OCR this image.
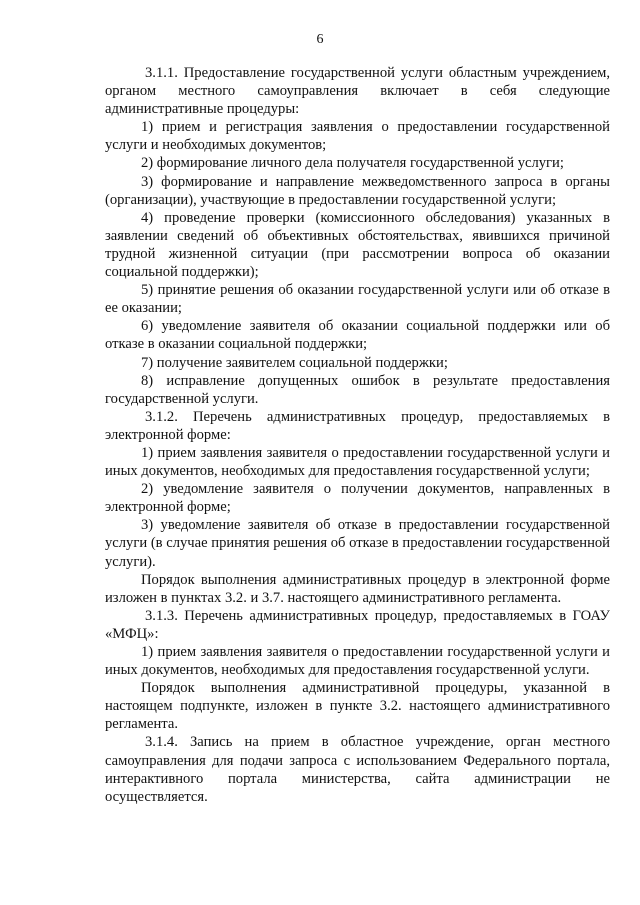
6

3.1.1. Предоставление государственной услуги областным учреждением, органом местного самоуправления включает в себя следующие административные процедуры:

1) прием и регистрация заявления о предоставлении государственной услуги и необходимых документов;

2) формирование личного дела получателя государственной услуги;

3) формирование и направление межведомственного запроса в органы (организации), участвующие в предоставлении государственной услуги;

4) проведение проверки (комиссионного обследования) указанных в заявлении сведений об объективных обстоятельствах, явившихся причиной трудной жизненной ситуации (при рассмотрении вопроса об оказании социальной поддержки);

5) принятие решения об оказании государственной услуги или об отказе в ее оказании;

6) уведомление заявителя об оказании социальной поддержки или об отказе в оказании социальной поддержки;

7) получение заявителем социальной поддержки;

8) исправление допущенных ошибок в результате предоставления государственной услуги.

3.1.2. Перечень административных процедур, предоставляемых в электронной форме:

1) прием заявления заявителя о предоставлении государственной услуги и иных документов, необходимых для предоставления государственной услуги;

2) уведомление заявителя о получении документов, направленных в электронной форме;

3) уведомление заявителя об отказе в предоставлении государственной услуги (в случае принятия решения об отказе в предоставлении государственной услуги).

Порядок выполнения административных процедур в электронной форме изложен в пунктах 3.2. и 3.7. настоящего административного регламента.

3.1.3. Перечень административных процедур, предоставляемых в ГОАУ «МФЦ»:

1) прием заявления заявителя о предоставлении государственной услуги и иных документов, необходимых для предоставления государственной услуги.

Порядок выполнения административной процедуры, указанной в настоящем подпункте, изложен в пункте 3.2. настоящего административного регламента.

3.1.4. Запись на прием в областное учреждение, орган местного самоуправления для подачи запроса с использованием Федерального портала, интерактивного портала министерства, сайта администрации не осуществляется.
